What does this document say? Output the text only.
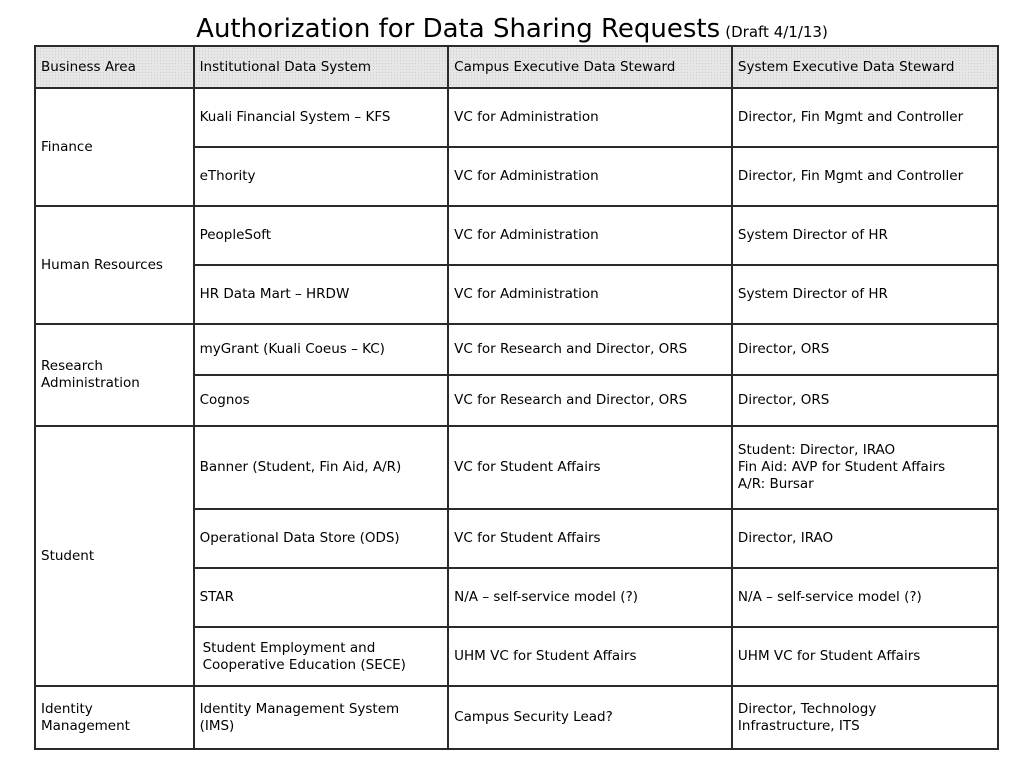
Authorization for Data Sharing Requests (Draft 4/1/13)
Business Area	Institutional Data System	Campus Executive Data Steward	System Executive Data Steward
Finance	Kuali Financial System – KFS	VC for Administration	Director, Fin Mgmt and Controller
	eThority	VC for Administration	Director, Fin Mgmt and Controller
Human Resources	PeopleSoft	VC for Administration	System Director of HR
	HR Data Mart – HRDW	VC for Administration	System Director of HR

Research
Administration	myGrant (Kuali Coeus – KC)	VC for Research and Director, ORS	Director, ORS
	Cognos	VC for Research and Director, ORS	Director, ORS
Student	Banner (Student, Fin Aid, A/R)	VC for Student Affairs	Student: Director, IRAO
Fin Aid: AVP for Student Affairs
A/R: Bursar

	Operational Data Store (ODS)	VC for Student Affairs	Director, IRAO
	STAR	N/A – self-service model (?)	N/A – self-service model (?)

	Student Employment and
Cooperative Education (SECE)	UHM VC for Student Affairs	UHM VC for Student Affairs

Identity
Management	Identity Management System
(IMS)	Campus Security Lead?	Director, Technology
Infrastructure, ITS
